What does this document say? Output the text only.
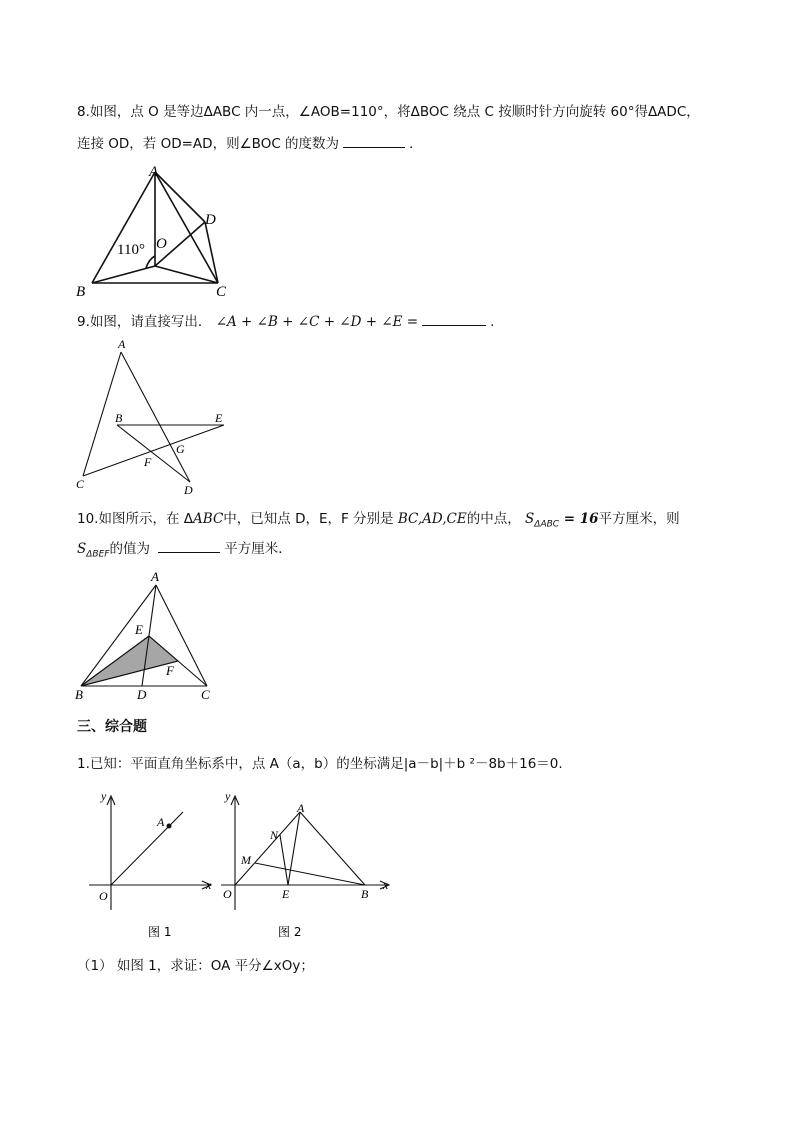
8.如图，点 O 是等边ΔABC 内一点，∠AOB=110°，将ΔBOC 绕点 C 按顺时针方向旋转 60°得ΔADC，
连接 OD，若 OD=AD，则∠BOC 的度数为	.
A
B	C
D
O
110°
9.如图，请直接写出． ∠A + ∠B + ∠C + ∠D + ∠E =	.
A
B	E
C	D
F
G
10.如图所示，在 ΔABC中，已知点 D，E，F 分别是 BC,AD,CE的中点， $S_{\Delta ABC} = 16$平方厘米，则
$S_{\Delta BEF}$的值为	平方厘米．
A
B	C
D
E
F
三、综合题
1.已知：平面直角坐标系中，点 A（a，b）的坐标满足|a－b|＋b ²－8b＋16＝0.
y
x
O
A
图 1
y
x
O
A
B
E
M
N
图 2
（1） 如图 1，求证：OA 平分∠xOy；
